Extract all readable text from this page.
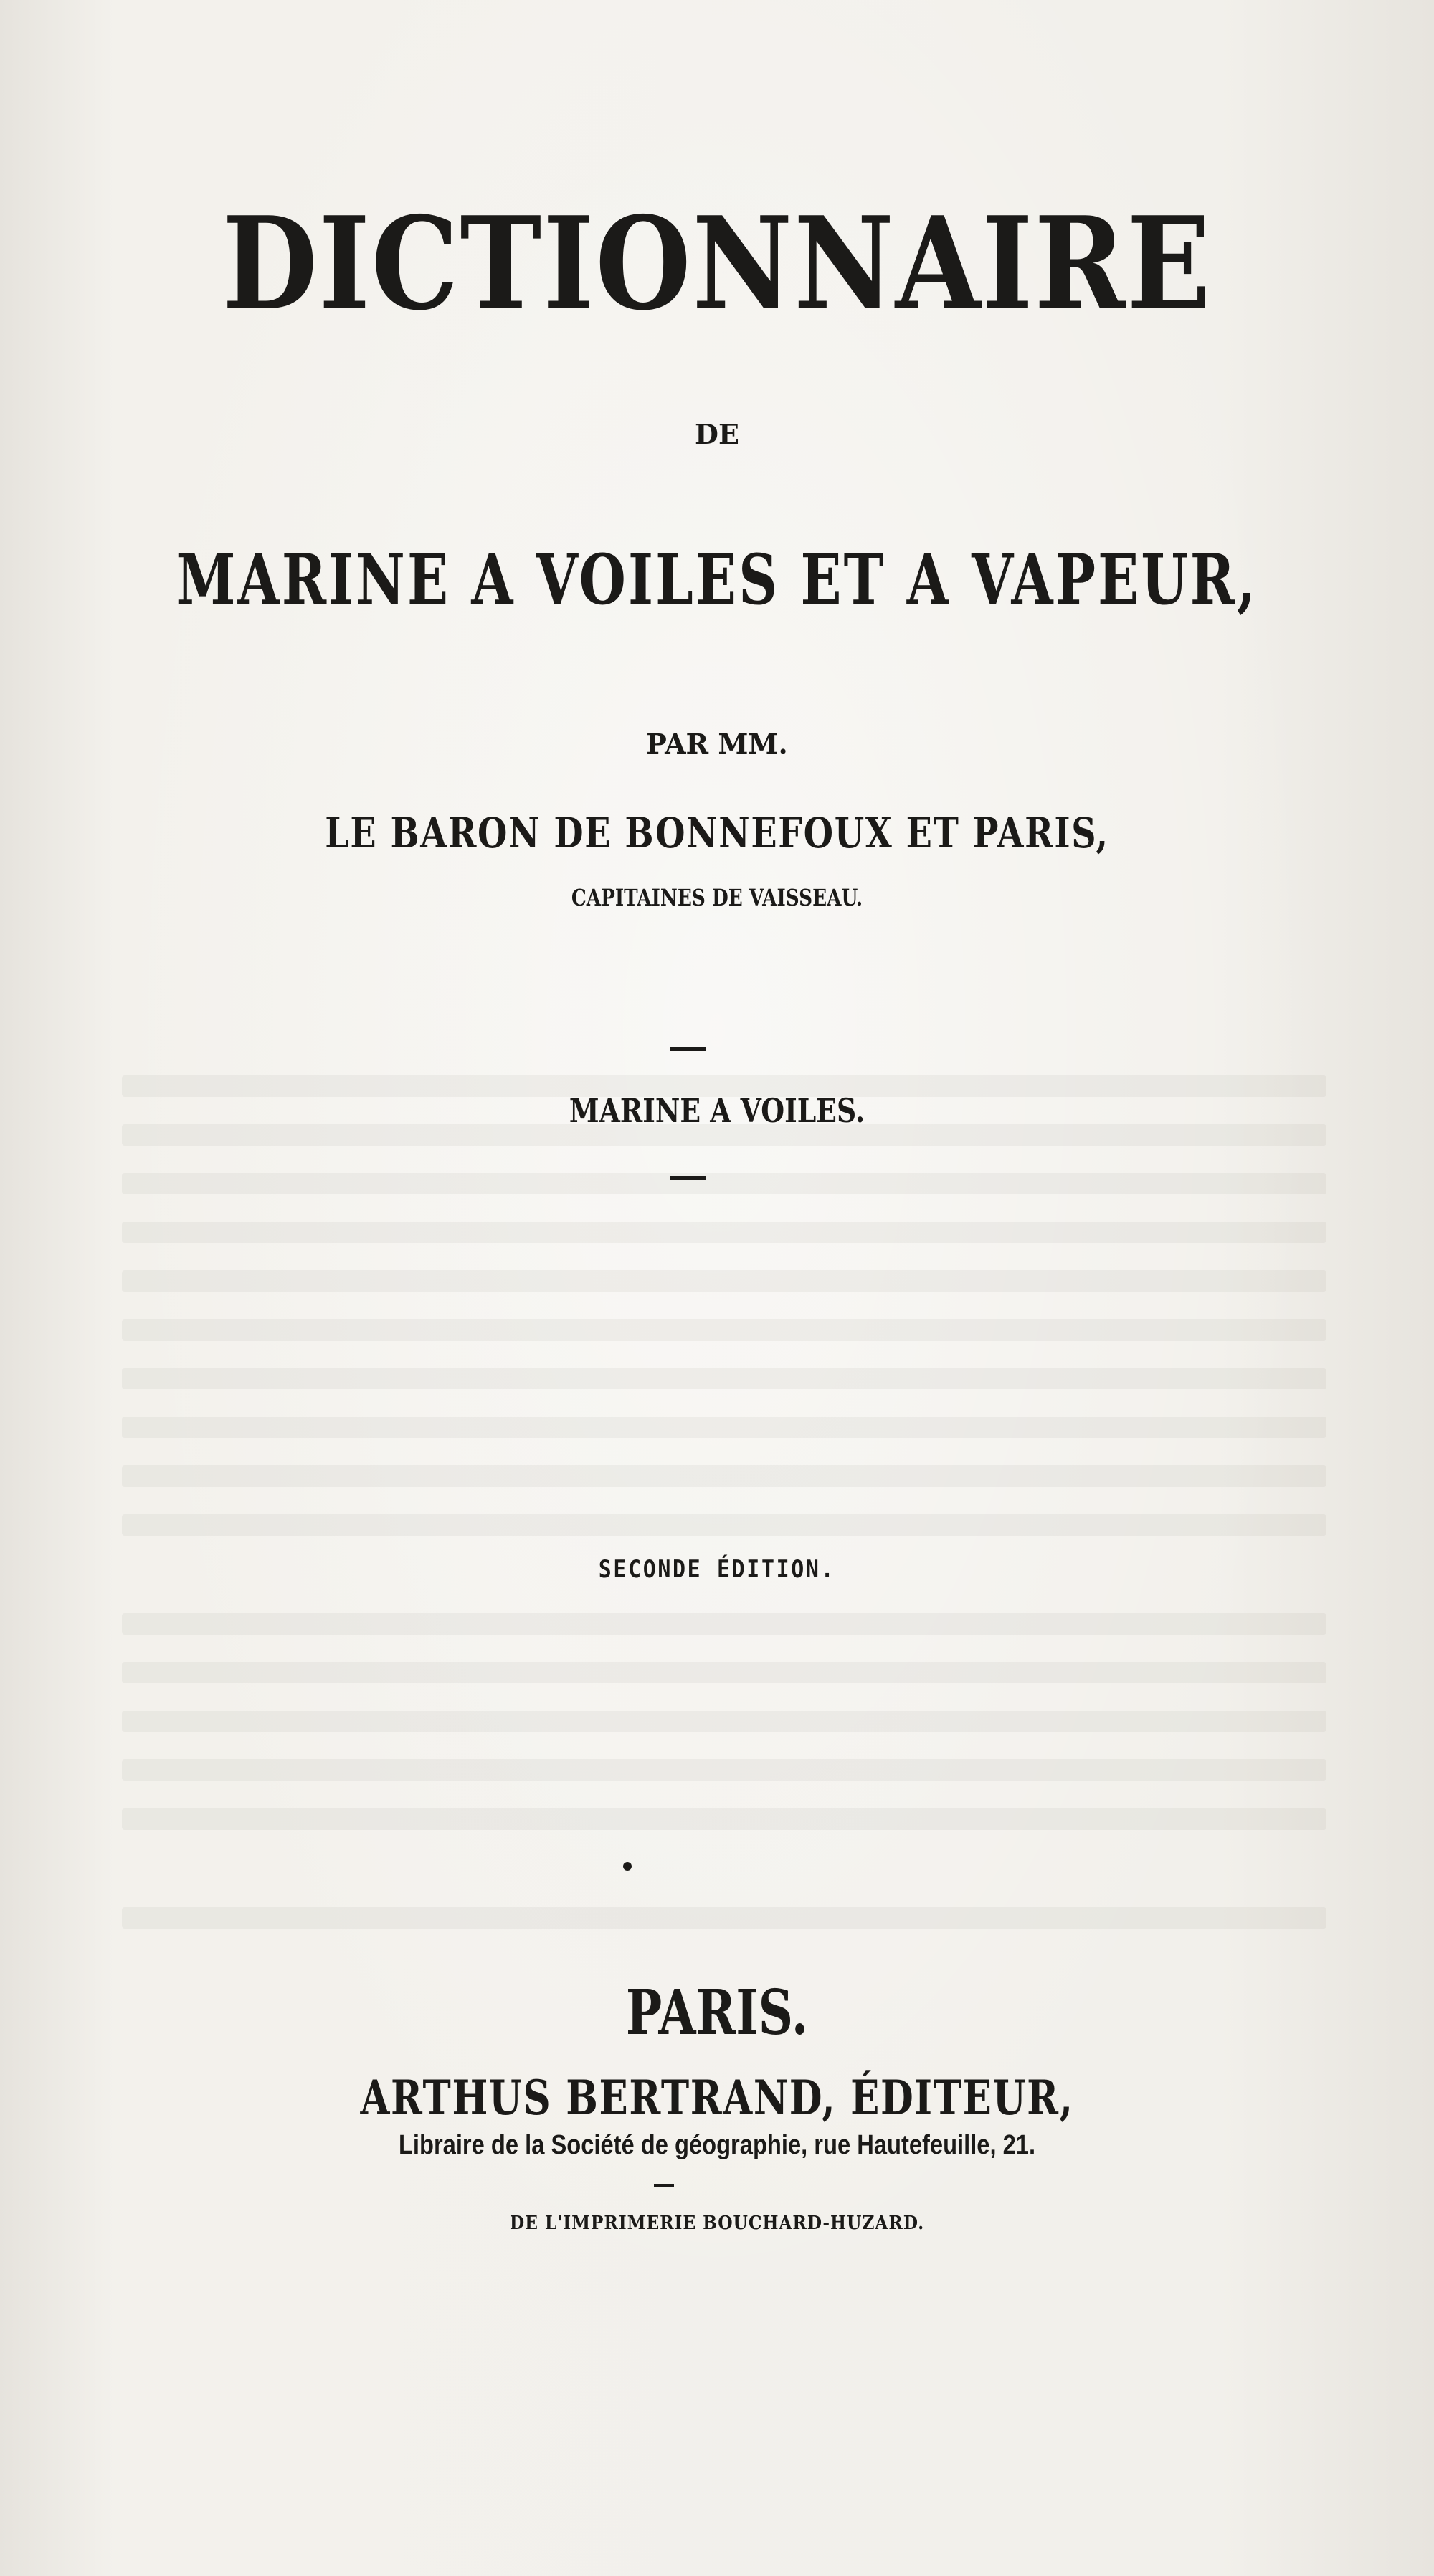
DICTIONNAIRE
DE
MARINE A VOILES ET A VAPEUR,
PAR MM.
LE BARON DE BONNEFOUX ET PARIS,
CAPITAINES DE VAISSEAU.
MARINE A VOILES.
SECONDE ÉDITION.
PARIS.
ARTHUS BERTRAND, ÉDITEUR,
Libraire de la Société de géographie, rue Hautefeuille, 21.
DE L'IMPRIMERIE BOUCHARD-HUZARD.
